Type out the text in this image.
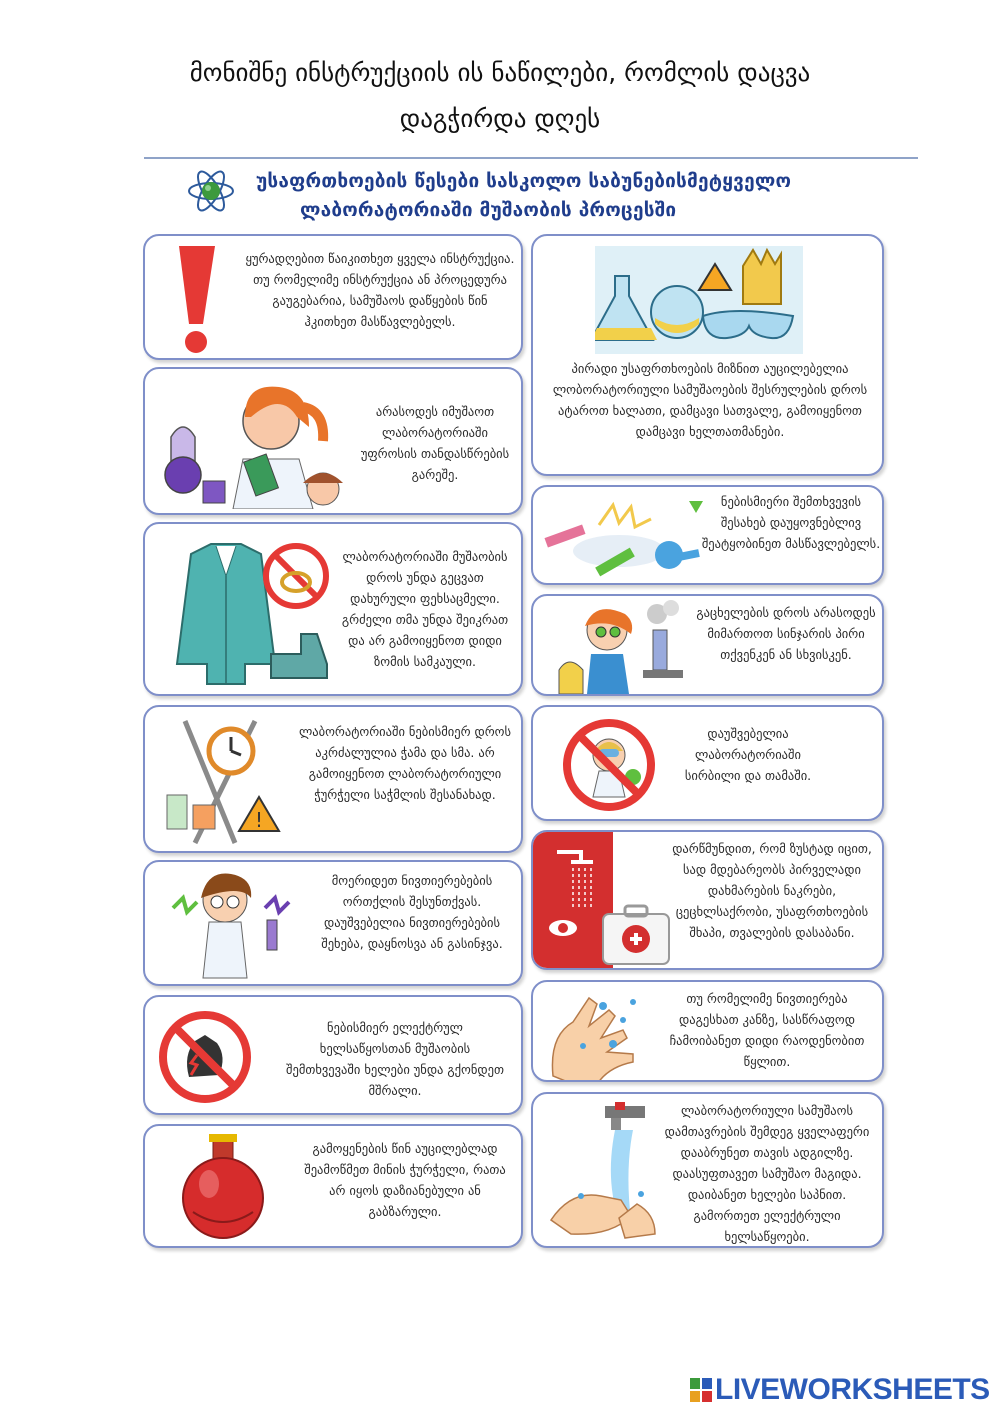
მონიშნე ინსტრუქციის ის ნაწილები, რომლის დაცვა
დაგჭირდა დღეს
უსაფრთხოების წესები სასკოლო საბუნებისმეტყველო
ლაბორატორიაში მუშაობის პროცესში
ყურადღებით წაიკითხეთ ყველა ინსტრუქცია. თუ რომელიმე ინსტრუქცია ან პროცედურა გაუგებარია, სამუშაოს დაწყების წინ ჰკითხეთ მასწავლებელს.
არასოდეს იმუშაოთ ლაბორატორიაში უფროსის თანდასწრების გარეშე.
ლაბორატორიაში მუშაობის დროს უნდა გეცვათ დახურული ფეხსაცმელი. გრძელი თმა უნდა შეიკრათ და არ გამოიყენოთ დიდი ზომის სამკაული.
!
ლაბორატორიაში ნებისმიერ დროს აკრძალულია ჭამა და სმა. არ გამოიყენოთ ლაბორატორიული ჭურჭელი საჭმლის შესანახად.
მოერიდეთ ნივთიერებების ორთქლის შესუნთქვას. დაუშვებელია ნივთიერებების შეხება, დაყნოსვა ან გასინჯვა.
ნებისმიერ ელექტრულ ხელსაწყოსთან მუშაობის შემთხვევაში ხელები უნდა გქონდეთ მშრალი.
გამოყენების წინ აუცილებლად შეამოწმეთ მინის ჭურჭელი, რათა არ იყოს დაზიანებული ან გაბზარული.
პირადი უსაფრთხოების მიზნით აუცილებელია ლობორატორიული სამუშაოების შესრულების დროს ატაროთ ხალათი, დამცავი სათვალე, გამოიყენოთ დამცავი ხელთათმანები.
ნებისმიერი შემთხვევის შესახებ დაუყოვნებლივ შეატყობინეთ მასწავლებელს.
გაცხელების დროს არასოდეს მიმართოთ სინჯარის პირი თქვენკენ ან სხვისკენ.
დაუშვებელია ლაბორატორიაში სირბილი და თამაში.
დარწმუნდით, რომ ზუსტად იცით, სად მდებარეობს პირველადი დახმარების ნაკრები, ცეცხლსაქრობი, უსაფრთხოების შხაპი, თვალების დასაბანი.
თუ რომელიმე ნივთიერება დაგესხათ კანზე, სასწრაფოდ ჩამოიბანეთ დიდი რაოდენობით წყლით.
ლაბორატორიული სამუშაოს დამთავრების შემდეგ ყველაფერი დააბრუნეთ თავის ადგილზე. დაასუფთავეთ სამუშაო მაგიდა. დაიბანეთ ხელები საპნით. გამორთეთ ელექტრული ხელსაწყოები.
LIVEWORKSHEETS
